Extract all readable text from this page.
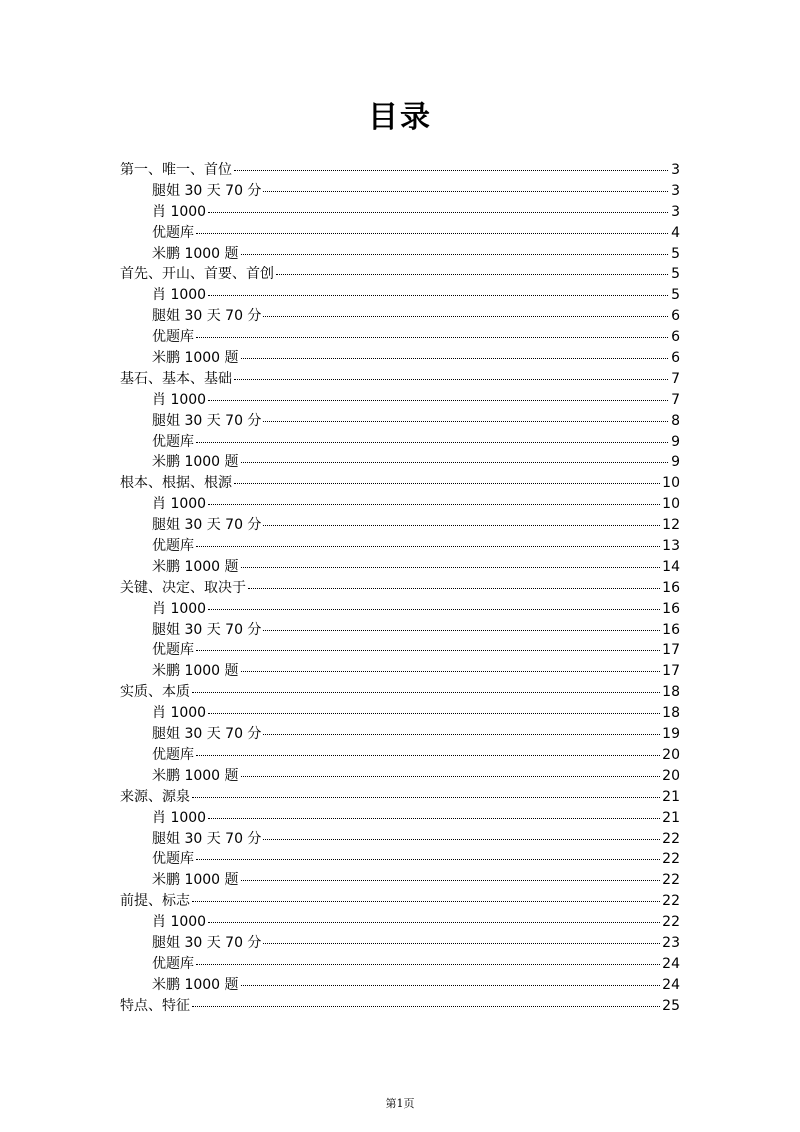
目录
第一、唯一、首位	3
腿姐 30 天 70 分	3
肖 1000	3
优题库	4
米鹏 1000 题	5
首先、开山、首要、首创	5
肖 1000	5
腿姐 30 天 70 分	6
优题库	6
米鹏 1000 题	6
基石、基本、基础	7
肖 1000	7
腿姐 30 天 70 分	8
优题库	9
米鹏 1000 题	9
根本、根据、根源	10
肖 1000	10
腿姐 30 天 70 分	12
优题库	13
米鹏 1000 题	14
关键、决定、取决于	16
肖 1000	16
腿姐 30 天 70 分	16
优题库	17
米鹏 1000 题	17
实质、本质	18
肖 1000	18
腿姐 30 天 70 分	19
优题库	20
米鹏 1000 题	20
来源、源泉	21
肖 1000	21
腿姐 30 天 70 分	22
优题库	22
米鹏 1000 题	22
前提、标志	22
肖 1000	22
腿姐 30 天 70 分	23
优题库	24
米鹏 1000 题	24
特点、特征	25
第1页
